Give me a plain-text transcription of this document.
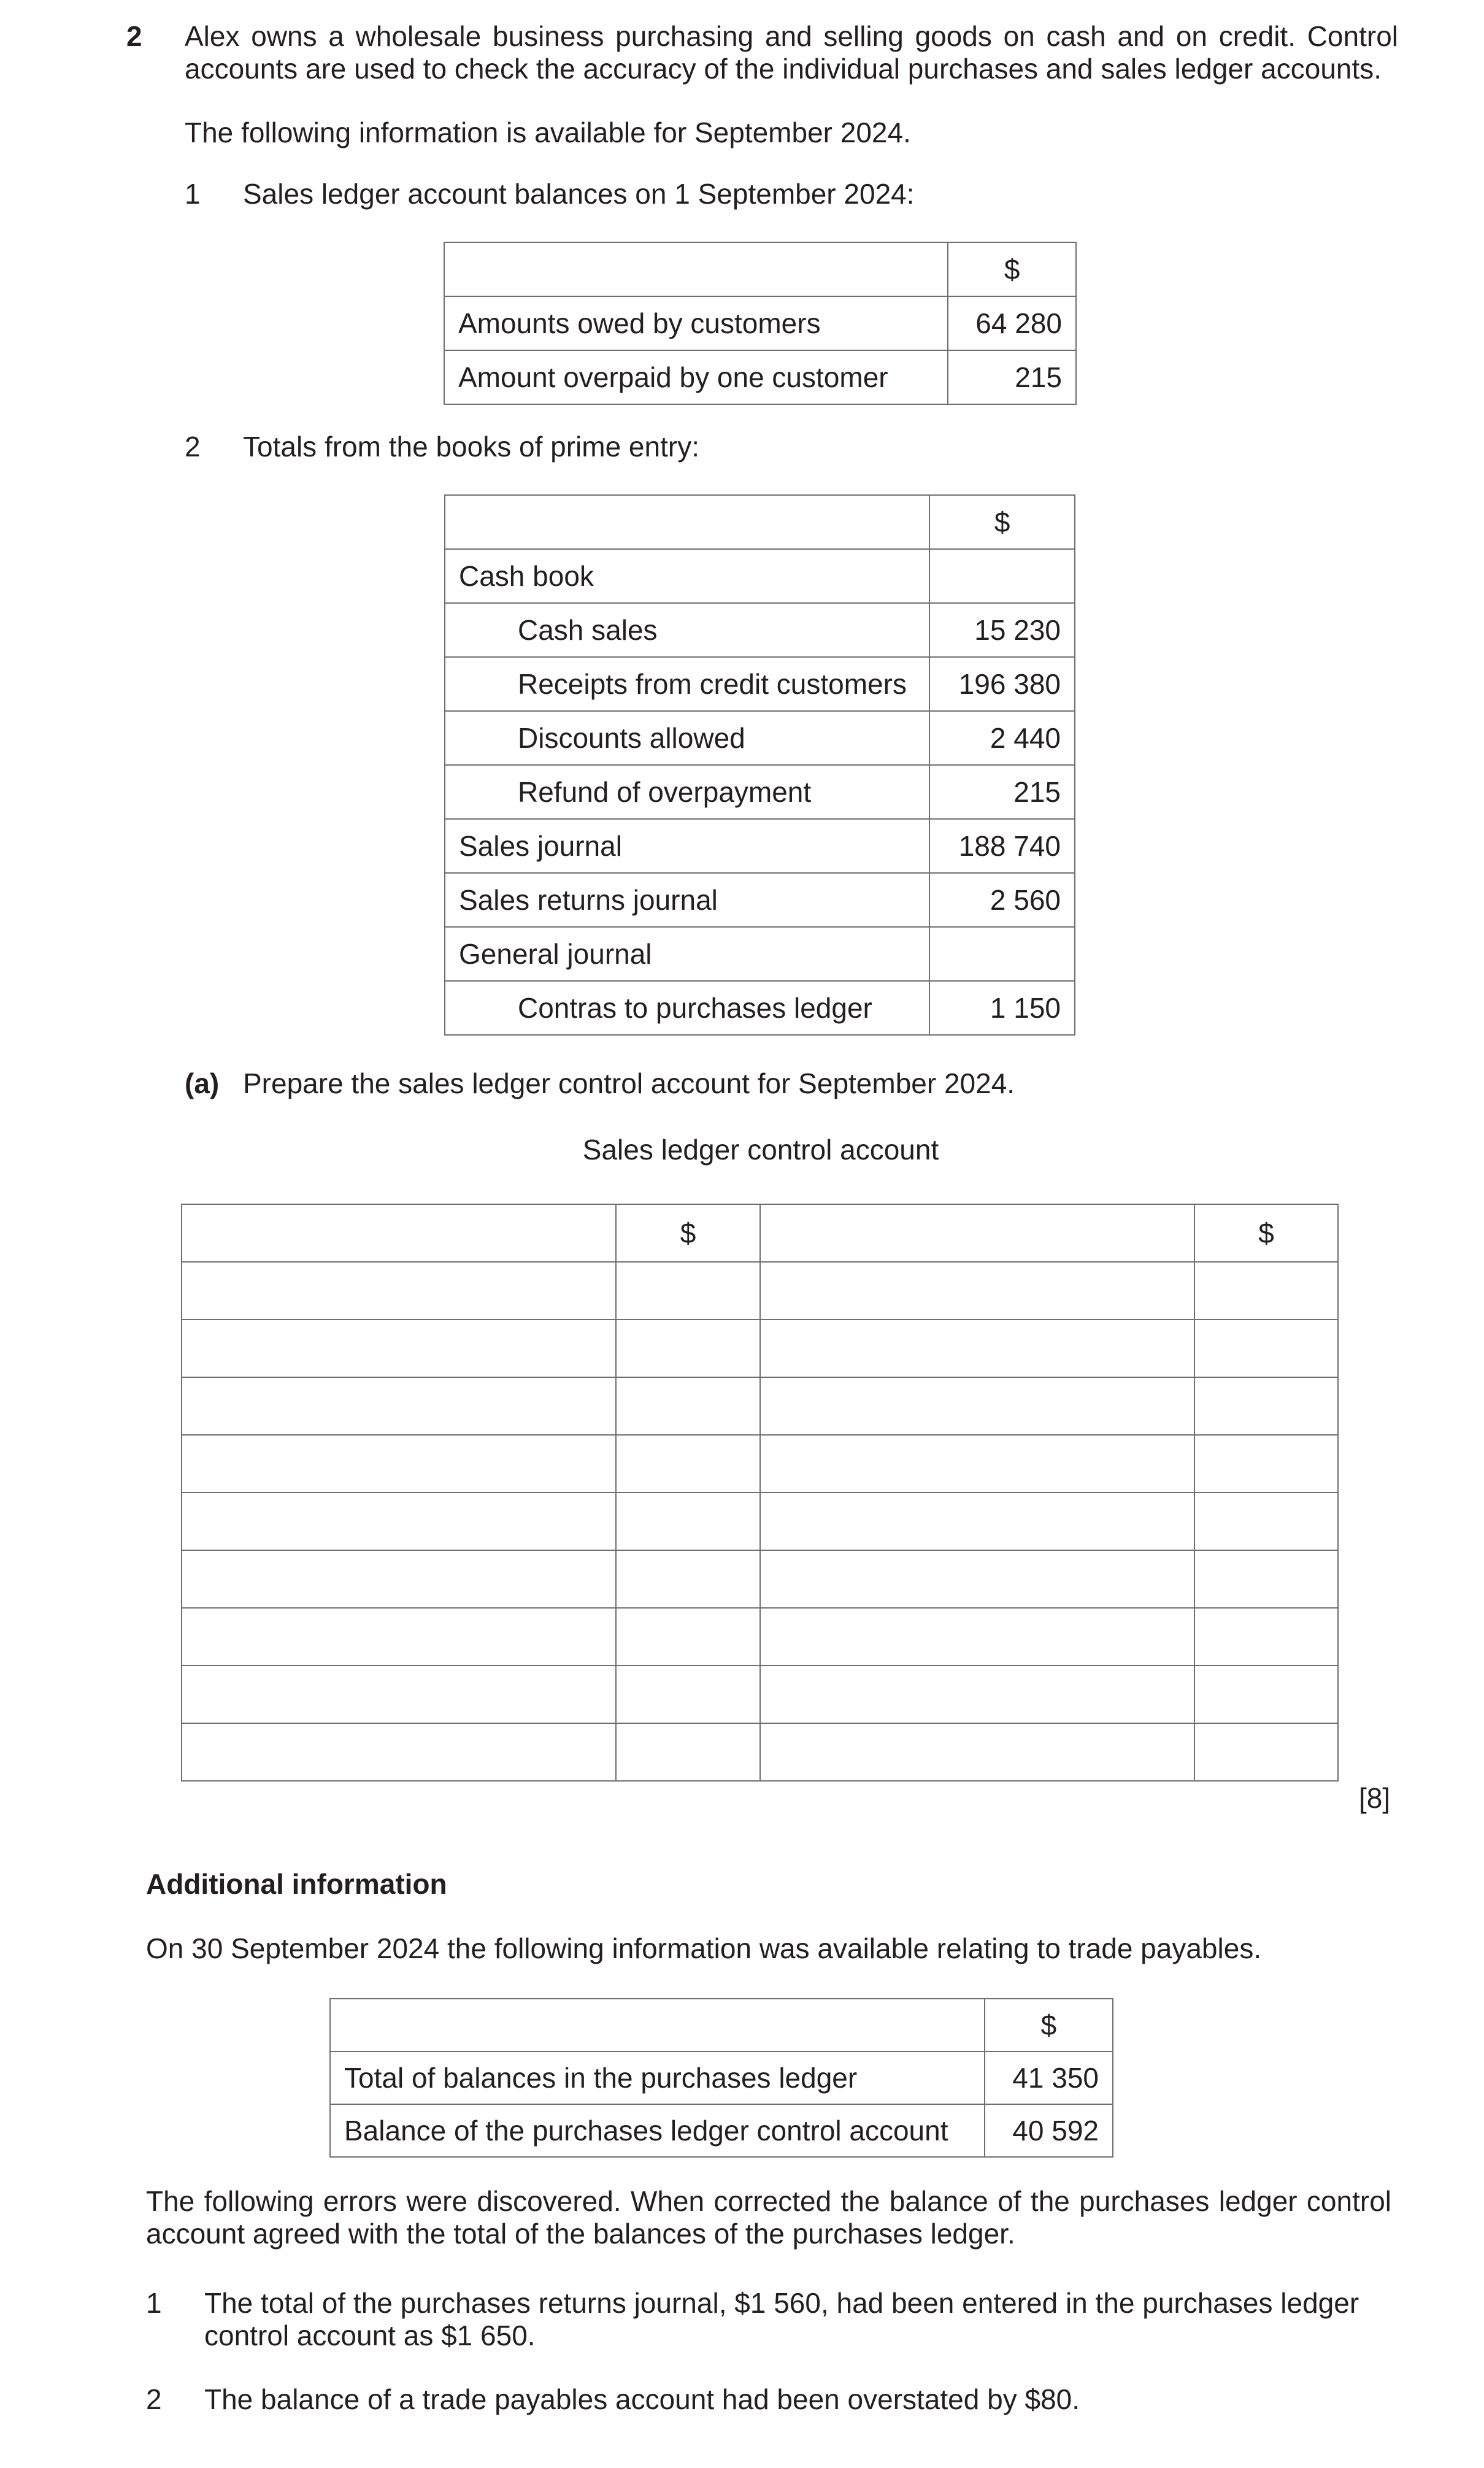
2 Alex owns a wholesale business purchasing and selling goods on cash and on credit. Control accounts are used to check the accuracy of the individual purchases and sales ledger accounts.
The following information is available for September 2024.
1 Sales ledger account balances on 1 September 2024:
	$
Amounts owed by customers	64 280
Amount overpaid by one customer	215
2 Totals from the books of prime entry:
	$
Cash book	
Cash sales	15 230
Receipts from credit customers	196 380
Discounts allowed	2 440
Refund of overpayment	215
Sales journal	188 740
Sales returns journal	2 560
General journal	
Contras to purchases ledger	1 150
(a) Prepare the sales ledger control account for September 2024.
Sales ledger control account
	$		$

[8]
Additional information
On 30 September 2024 the following information was available relating to trade payables.
	$
Total of balances in the purchases ledger	41 350
Balance of the purchases ledger control account	40 592
The following errors were discovered. When corrected the balance of the purchases ledger control account agreed with the total of the balances of the purchases ledger.
1 The total of the purchases returns journal, $1 560, had been entered in the purchases ledger control account as $1 650.
2 The balance of a trade payables account had been overstated by $80.
